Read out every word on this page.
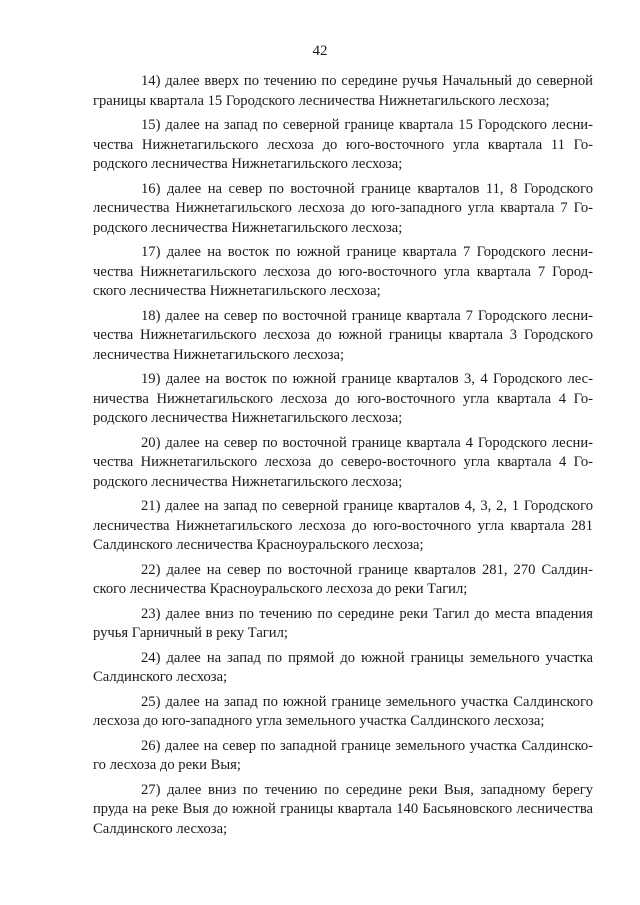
42

14) далее вверх по течению по середине ручья Начальный до северной границы квартала 15 Городского лесничества Нижнетагильского лесхоза;

15) далее на запад по северной границе квартала 15 Городского лесничества Нижнетагильского лесхоза до юго-восточного угла квартала 11 Городского лесничества Нижнетагильского лесхоза;

16) далее на север по восточной границе кварталов 11, 8 Городского лесничества Нижнетагильского лесхоза до юго-западного угла квартала 7 Городского лесничества Нижнетагильского лесхоза;

17) далее на восток по южной границе квартала 7 Городского лесничества Нижнетагильского лесхоза до юго-восточного угла квартала 7 Городского лесничества Нижнетагильского лесхоза;

18) далее на север по восточной границе квартала 7 Городского лесничества Нижнетагильского лесхоза до южной границы квартала 3 Городского лесничества Нижнетагильского лесхоза;

19) далее на восток по южной границе кварталов 3, 4 Городского лесничества Нижнетагильского лесхоза до юго-восточного угла квартала 4 Городского лесничества Нижнетагильского лесхоза;

20) далее на север по восточной границе квартала 4 Городского лесничества Нижнетагильского лесхоза до северо-восточного угла квартала 4 Городского лесничества Нижнетагильского лесхоза;

21) далее на запад по северной границе кварталов 4, 3, 2, 1 Городского лесничества Нижнетагильского лесхоза до юго-восточного угла квартала 281 Салдинского лесничества Красноуральского лесхоза;

22) далее на север по восточной границе кварталов 281, 270 Салдинского лесничества Красноуральского лесхоза до реки Тагил;

23) далее вниз по течению по середине реки Тагил до места впадения ручья Гарничный в реку Тагил;

24) далее на запад по прямой до южной границы земельного участка Салдинского лесхоза;

25) далее на запад по южной границе земельного участка Салдинского лесхоза до юго-западного угла земельного участка Салдинского лесхоза;

26) далее на север по западной границе земельного участка Салдинского лесхоза до реки Выя;

27) далее вниз по течению по середине реки Выя, западному берегу пруда на реке Выя до южной границы квартала 140 Басьяновского лесничества Салдинского лесхоза;
